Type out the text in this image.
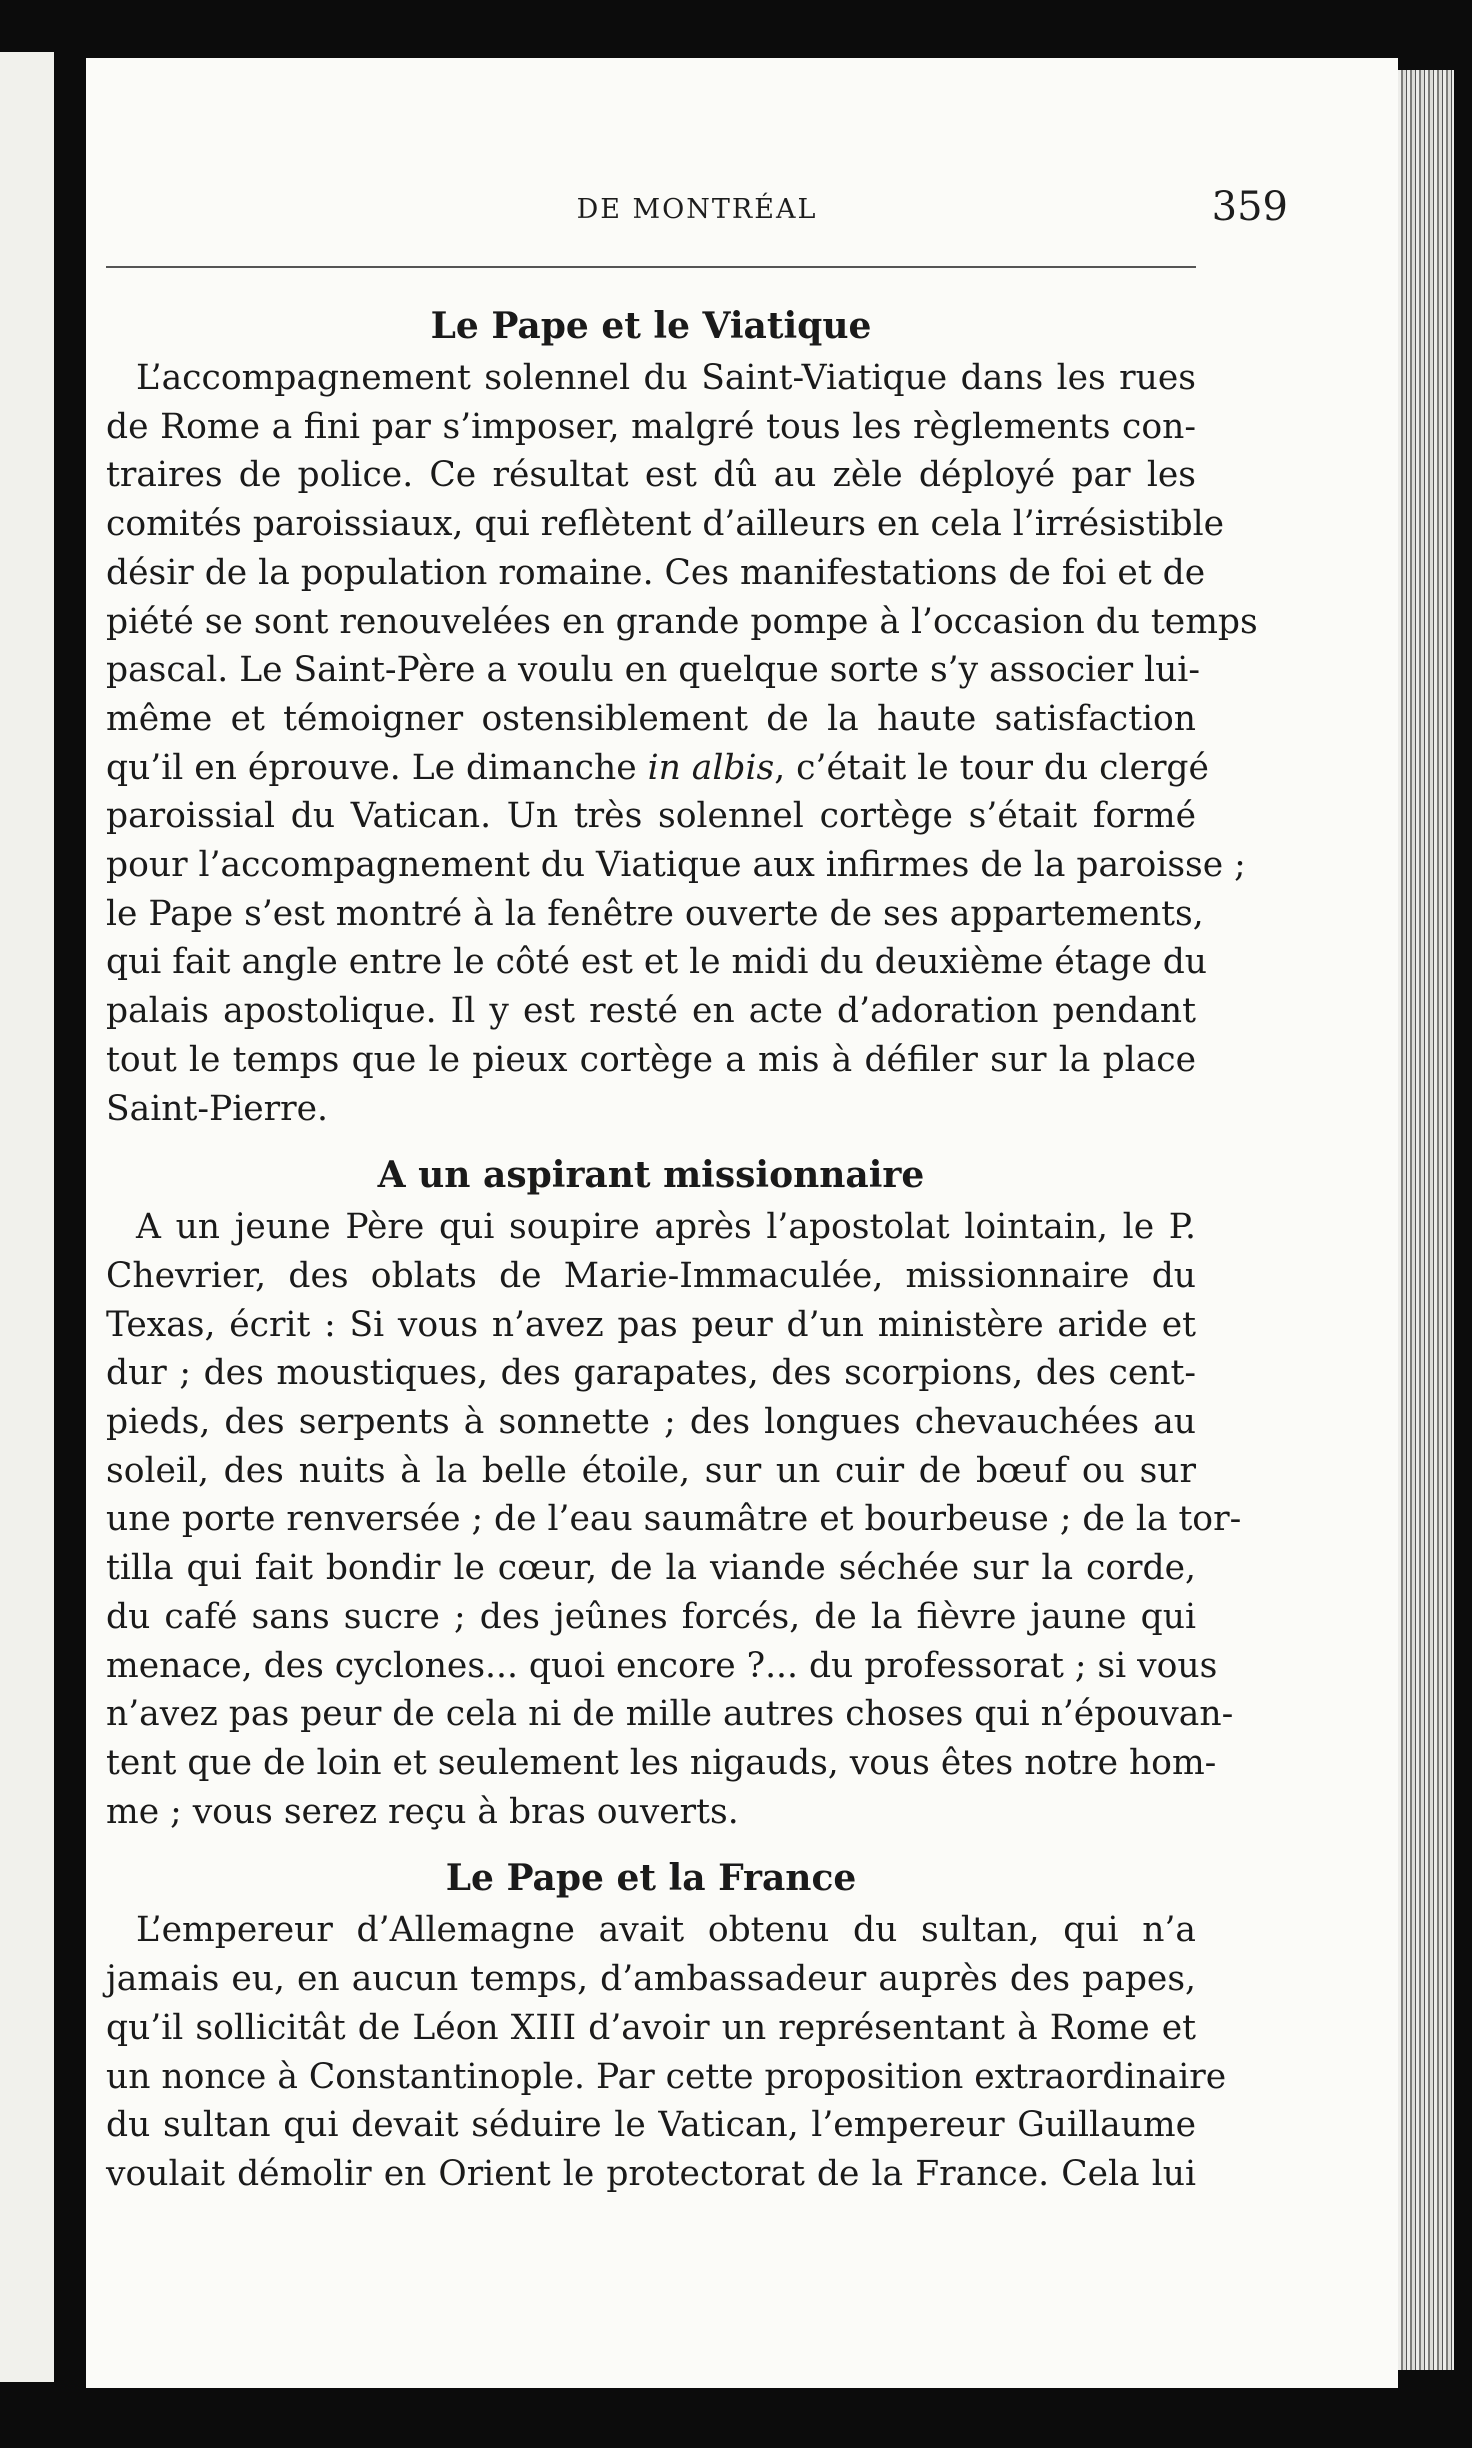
DE MONTRÉAL	359
Le Pape et le Viatique
L’accompagnement solennel du Saint-Viatique dans les rues
de Rome a fini par s’imposer, malgré tous les règlements con-
traires de police. Ce résultat est dû au zèle déployé par les
comités paroissiaux, qui reflètent d’ailleurs en cela l’irrésistible
désir de la population romaine. Ces manifestations de foi et de
piété se sont renouvelées en grande pompe à l’occasion du temps
pascal. Le Saint-Père a voulu en quelque sorte s’y associer lui-
même et témoigner ostensiblement de la haute satisfaction
qu’il en éprouve. Le dimanche in albis, c’était le tour du clergé
paroissial du Vatican. Un très solennel cortège s’était formé
pour l’accompagnement du Viatique aux infirmes de la paroisse ;
le Pape s’est montré à la fenêtre ouverte de ses appartements,
qui fait angle entre le côté est et le midi du deuxième étage du
palais apostolique. Il y est resté en acte d’adoration pendant
tout le temps que le pieux cortège a mis à défiler sur la place
Saint-Pierre.
A un aspirant missionnaire
A un jeune Père qui soupire après l’apostolat lointain, le P.
Chevrier, des oblats de Marie-Immaculée, missionnaire du
Texas, écrit : Si vous n’avez pas peur d’un ministère aride et
dur ; des moustiques, des garapates, des scorpions, des cent-
pieds, des serpents à sonnette ; des longues chevauchées au
soleil, des nuits à la belle étoile, sur un cuir de bœuf ou sur
une porte renversée ; de l’eau saumâtre et bourbeuse ; de la tor-
tilla qui fait bondir le cœur, de la viande séchée sur la corde,
du café sans sucre ; des jeûnes forcés, de la fièvre jaune qui
menace, des cyclones... quoi encore ?... du professorat ; si vous
n’avez pas peur de cela ni de mille autres choses qui n’épouvan-
tent que de loin et seulement les nigauds, vous êtes notre hom-
me ; vous serez reçu à bras ouverts.
Le Pape et la France
L’empereur d’Allemagne avait obtenu du sultan, qui n’a
jamais eu, en aucun temps, d’ambassadeur auprès des papes,
qu’il sollicitât de Léon XIII d’avoir un représentant à Rome et
un nonce à Constantinople. Par cette proposition extraordinaire
du sultan qui devait séduire le Vatican, l’empereur Guillaume
voulait démolir en Orient le protectorat de la France. Cela lui
